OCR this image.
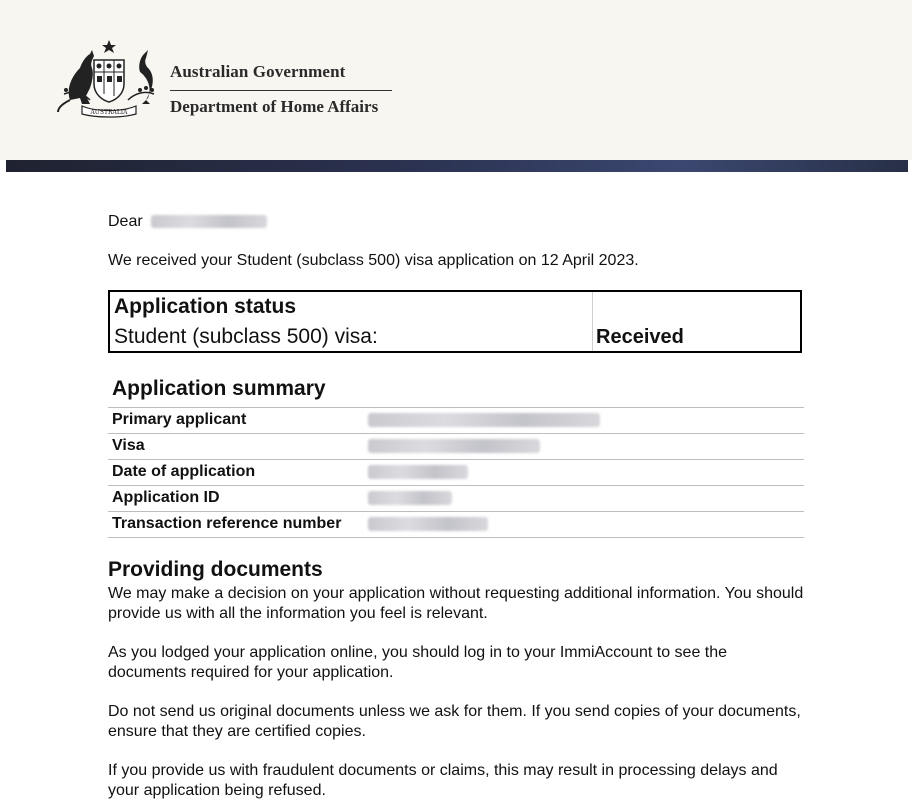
AUSTRALIA
Australian Government
Department of Home Affairs

Dear

We received your Student (subclass 500) visa application on 12 April 2023.

Application status
Student (subclass 500) visa:	Received
Application summary
Primary applicant
Visa
Date of application
Application ID
Transaction reference number
Providing documents

We may make a decision on your application without requesting additional information. You should provide us with all the information you feel is relevant.

As you lodged your application online, you should log in to your ImmiAccount to see the documents required for your application.

Do not send us original documents unless we ask for them. If you send copies of your documents, ensure that they are certified copies.

If you provide us with fraudulent documents or claims, this may result in processing delays and your application being refused.
